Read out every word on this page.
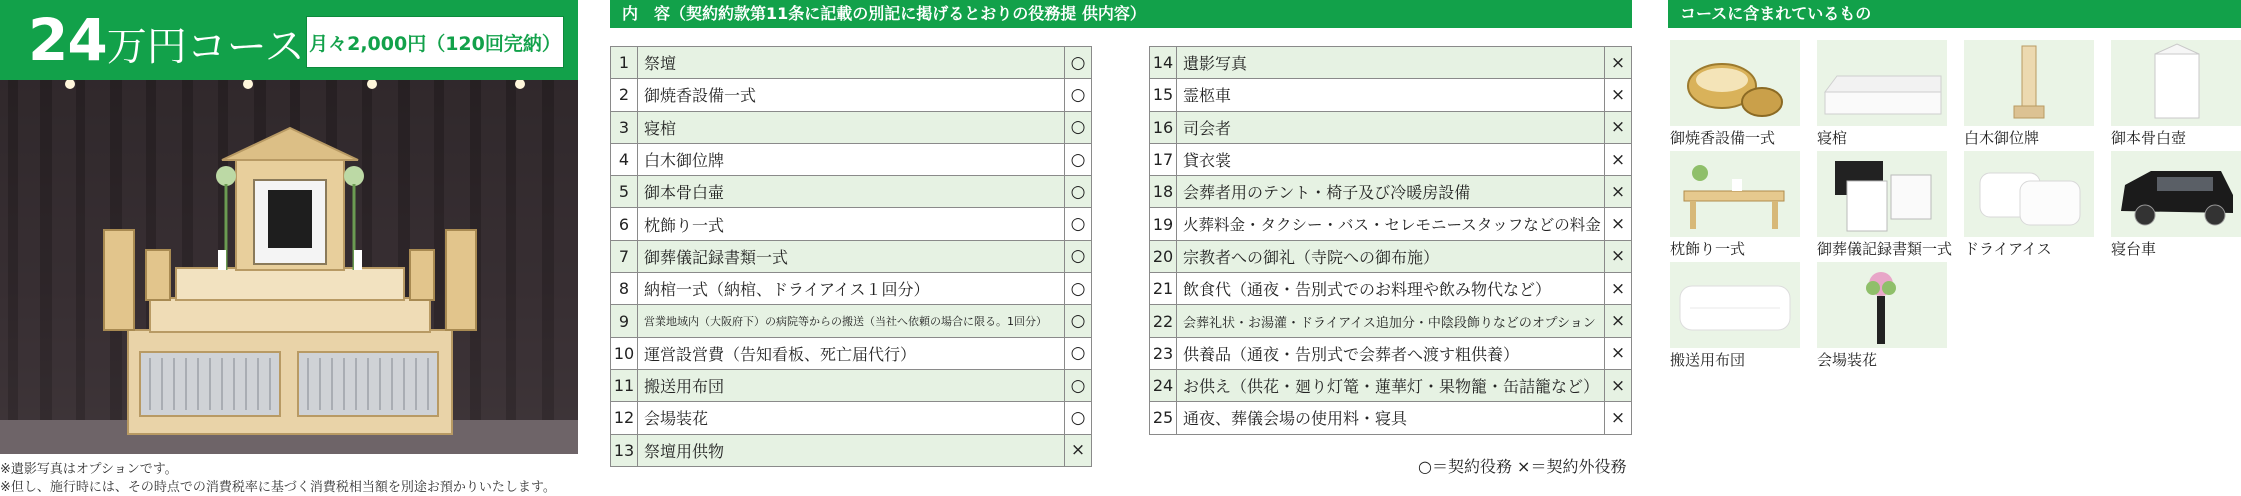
24万円コース 月々2,000円（120回完納）
※遺影写真はオプションです。
※但し、施行時には、その時点での消費税率に基づく消費税相当額を別途お預かりいたします。
内　容（契約約款第11条に記載の別記に掲げるとおりの役務提 供内容）
1	祭壇	○
2	御焼香設備一式	○
3	寝棺	○
4	白木御位牌	○
5	御本骨白壷	○
6	枕飾り一式	○
7	御葬儀記録書類一式	○
8	納棺一式（納棺、ドライアイス１回分）	○
9	営業地域内（大阪府下）の病院等からの搬送（当社へ依頼の場合に限る。1回分）	○
10	運営設営費（告知看板、死亡届代行）	○
11	搬送用布団	○
12	会場装花	○
13	祭壇用供物	×
14	遺影写真	×
15	霊柩車	×
16	司会者	×
17	貸衣裳	×
18	会葬者用のテント・椅子及び冷暖房設備	×
19	火葬料金・タクシー・バス・セレモニースタッフなどの料金	×
20	宗教者への御礼（寺院への御布施）	×
21	飲食代（通夜・告別式でのお料理や飲み物代など）	×
22	会葬礼状・お湯灌・ドライアイス追加分・中陰段飾りなどのオプション	×
23	供養品（通夜・告別式で会葬者へ渡す粗供養）	×
24	お供え（供花・廻り灯篭・蓮華灯・果物籠・缶詰籠など）	×
25	通夜、葬儀会場の使用料・寝具	×
○＝契約役務 ×＝契約外役務
コースに含まれているもの
御焼香設備一式	寝棺	白木御位牌	御本骨白壺
枕飾り一式	御葬儀記録書類一式 ドライアイス	寝台車
搬送用布団	会場装花
